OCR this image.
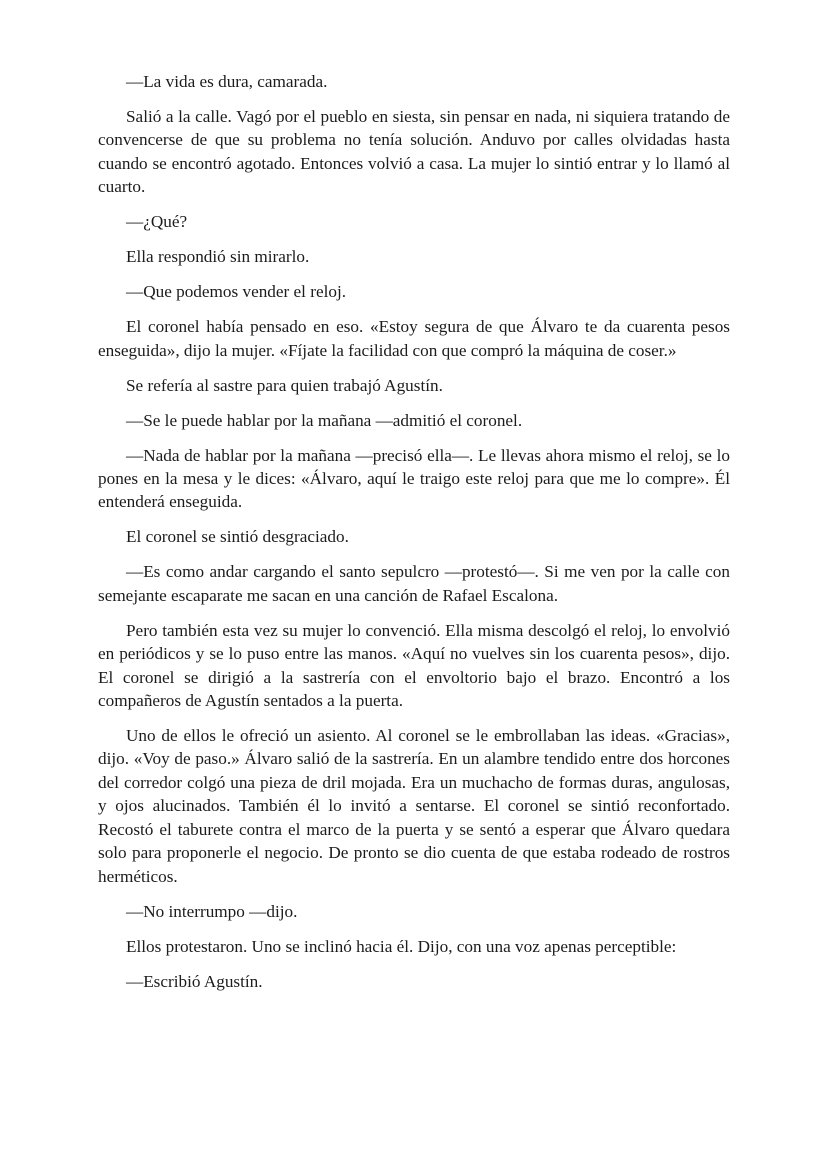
—La vida es dura, camarada.

Salió a la calle. Vagó por el pueblo en siesta, sin pensar en nada, ni siquiera tratando de convencerse de que su problema no tenía solución. Anduvo por calles olvidadas hasta cuando se encontró agotado. Entonces volvió a casa. La mujer lo sintió entrar y lo llamó al cuarto.

—¿Qué?

Ella respondió sin mirarlo.

—Que podemos vender el reloj.

El coronel había pensado en eso. «Estoy segura de que Álvaro te da cuarenta pesos enseguida», dijo la mujer. «Fíjate la facilidad con que compró la máquina de coser.»

Se refería al sastre para quien trabajó Agustín.

—Se le puede hablar por la mañana —admitió el coronel.

—Nada de hablar por la mañana —precisó ella—. Le llevas ahora mismo el reloj, se lo pones en la mesa y le dices: «Álvaro, aquí le traigo este reloj para que me lo compre». Él entenderá enseguida.

El coronel se sintió desgraciado.

—Es como andar cargando el santo sepulcro —protestó—. Si me ven por la calle con semejante escaparate me sacan en una canción de Rafael Escalona.

Pero también esta vez su mujer lo convenció. Ella misma descolgó el reloj, lo envolvió en periódicos y se lo puso entre las manos. «Aquí no vuelves sin los cuarenta pesos», dijo. El coronel se dirigió a la sastrería con el envoltorio bajo el brazo. Encontró a los compañeros de Agustín sentados a la puerta.

Uno de ellos le ofreció un asiento. Al coronel se le embrollaban las ideas. «Gracias», dijo. «Voy de paso.» Álvaro salió de la sastrería. En un alambre tendido entre dos horcones del corredor colgó una pieza de dril mojada. Era un muchacho de formas duras, angulosas, y ojos alucinados. También él lo invitó a sentarse. El coronel se sintió reconfortado. Recostó el taburete contra el marco de la puerta y se sentó a esperar que Álvaro quedara solo para proponerle el negocio. De pronto se dio cuenta de que estaba rodeado de rostros herméticos.

—No interrumpo —dijo.

Ellos protestaron. Uno se inclinó hacia él. Dijo, con una voz apenas perceptible:

—Escribió Agustín.
